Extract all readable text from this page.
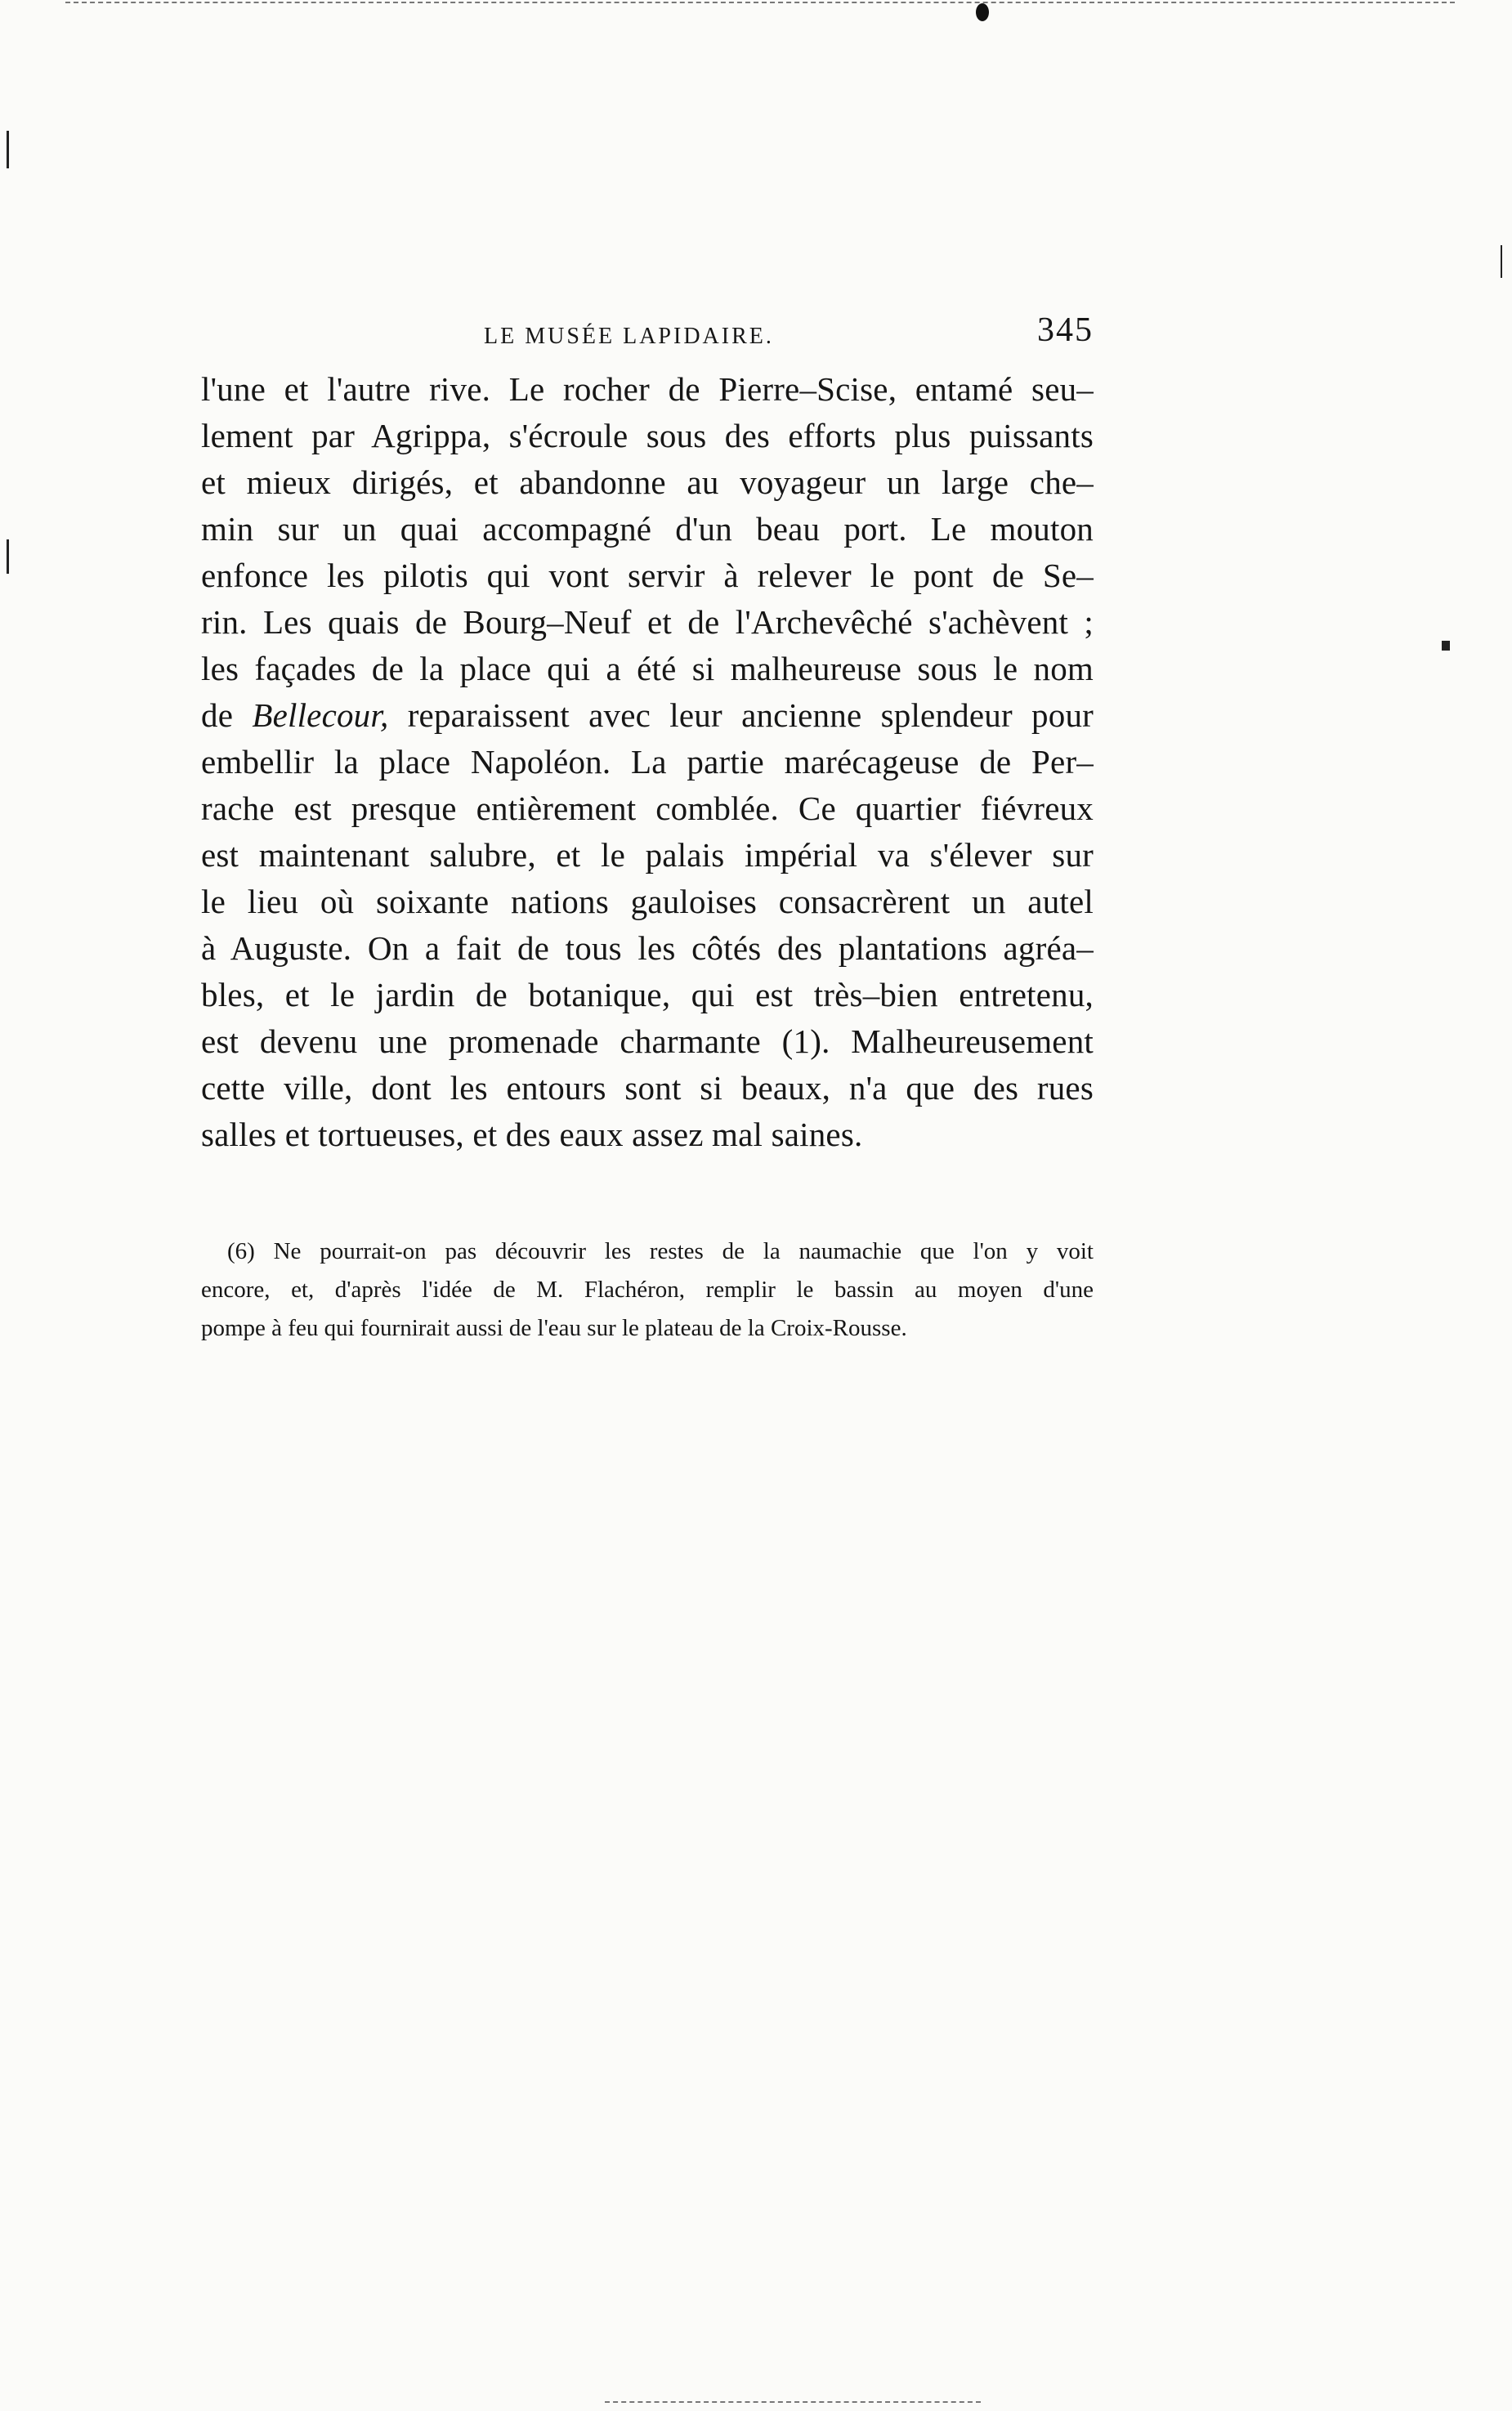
LE MUSÉE LAPIDAIRE.	345
l'une et l'autre rive. Le rocher de Pierre–Scise, entamé seu–
lement par Agrippa, s'écroule sous des efforts plus puissants
et mieux dirigés, et abandonne au voyageur un large che–
min sur un quai accompagné d'un beau port. Le mouton
enfonce les pilotis qui vont servir à relever le pont de Se–
rin. Les quais de Bourg–Neuf et de l'Archevêché s'achèvent ;
les façades de la place qui a été si malheureuse sous le nom
de Bellecour, reparaissent avec leur ancienne splendeur pour
embellir la place Napoléon. La partie marécageuse de Per–
rache est presque entièrement comblée. Ce quartier fiévreux
est maintenant salubre, et le palais impérial va s'élever sur
le lieu où soixante nations gauloises consacrèrent un autel
à Auguste. On a fait de tous les côtés des plantations agréa–
bles, et le jardin de botanique, qui est très–bien entretenu,
est devenu une promenade charmante (1). Malheureusement
cette ville, dont les entours sont si beaux, n'a que des rues
salles et tortueuses, et des eaux assez mal saines.
(6) Ne pourrait-on pas découvrir les restes de la naumachie que l'on y voit
encore, et, d'après l'idée de M. Flachéron, remplir le bassin au moyen d'une
pompe à feu qui fournirait aussi de l'eau sur le plateau de la Croix-Rousse.
